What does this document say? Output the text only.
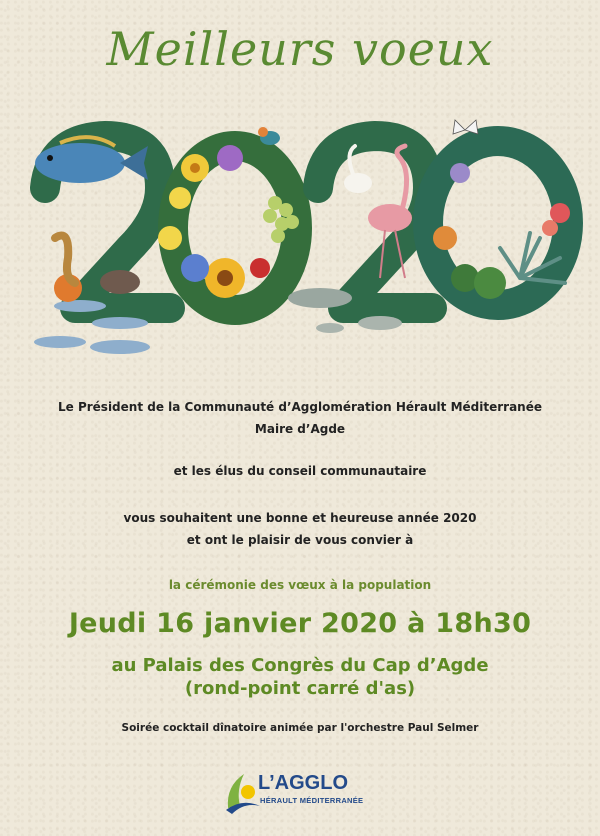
Meilleurs voeux
Le Président de la Communauté d’Agglomération Hérault Méditerranée
Maire d’Agde
et les élus du conseil communautaire
vous souhaitent une bonne et heureuse année 2020
et ont le plaisir de vous convier à
la cérémonie des vœux à la population
Jeudi 16 janvier 2020 à 18h30
au Palais des Congrès du Cap d’Agde
(rond-point carré d'as)
Soirée cocktail dînatoire animée par l'orchestre Paul Selmer
L’AGGLO
HÉRAULT MÉDITERRANÉE
